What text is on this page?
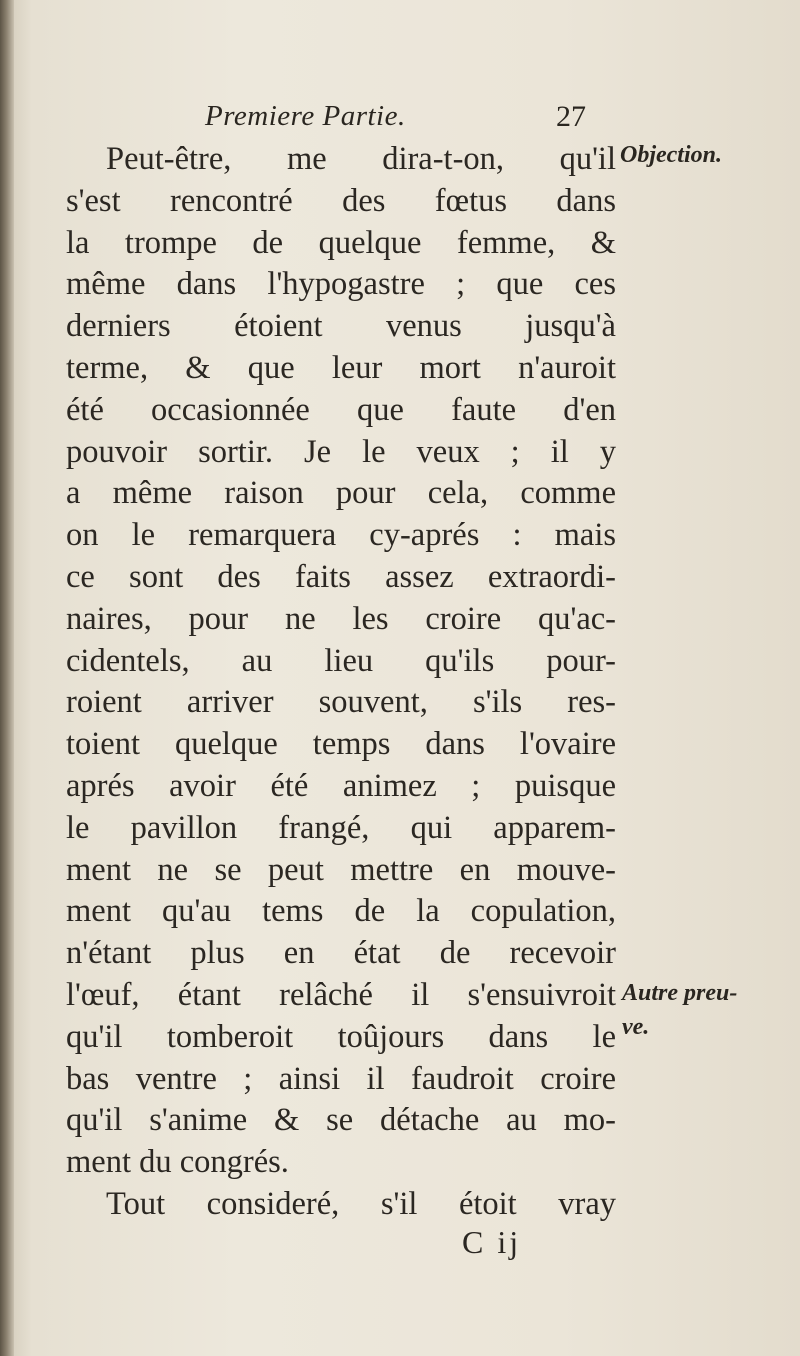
Premiere Partie.	27
Objection.
Autre preu-
ve.
Peut-être, me dira-t-on, qu'il
s'est rencontré des fœtus dans
la trompe de quelque femme, &
même dans l'hypogastre ; que ces
derniers étoient venus jusqu'à
terme, & que leur mort n'auroit
été occasionnée que faute d'en
pouvoir sortir. Je le veux ; il y
a même raison pour cela, comme
on le remarquera cy-aprés : mais
ce sont des faits assez extraordi-
naires, pour ne les croire qu'ac-
cidentels, au lieu qu'ils pour-
roient arriver souvent, s'ils res-
toient quelque temps dans l'ovaire
aprés avoir été animez ; puisque
le pavillon frangé, qui apparem-
ment ne se peut mettre en mouve-
ment qu'au tems de la copulation,
n'étant plus en état de recevoir
l'œuf, étant relâché il s'ensuivroit
qu'il tomberoit toûjours dans le
bas ventre ; ainsi il faudroit croire
qu'il s'anime & se détache au mo-
ment du congrés.
Tout consideré, s'il étoit vray
C ij
